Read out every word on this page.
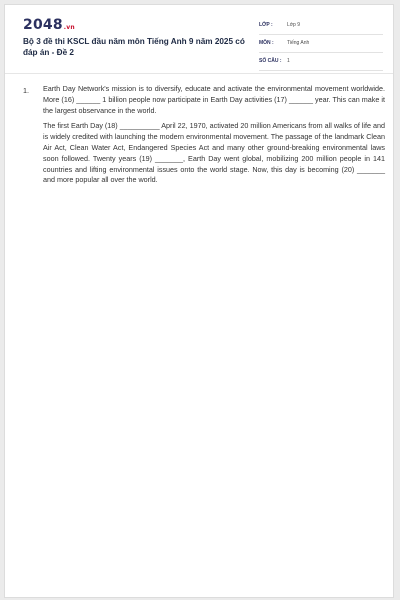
2048.vn
Bộ 3 đề thi KSCL đầu năm môn Tiếng Anh 9 năm 2025 có đáp án - Đề 2
LỚP :	Lớp 9
MÔN :	Tiếng Anh
SỐ CÂU : 1
1. Earth Day Network's mission is to diversify, educate and activate the environmental movement worldwide. More (16) ______ 1 billion people now participate in Earth Day activities (17) ______ year. This can make it the largest observance in the world.

The first Earth Day (18) __________ April 22, 1970, activated 20 million Americans from all walks of life and is widely credited with launching the modern environmental movement. The passage of the landmark Clean Air Act, Clean Water Act, Endangered Species Act and many other ground-breaking environmental laws soon followed. Twenty years (19) _______, Earth Day went global, mobilizing 200 million people in 141 countries and lifting environmental issues onto the world stage. Now, this day is becoming (20) _______ and more popular all over the world.
